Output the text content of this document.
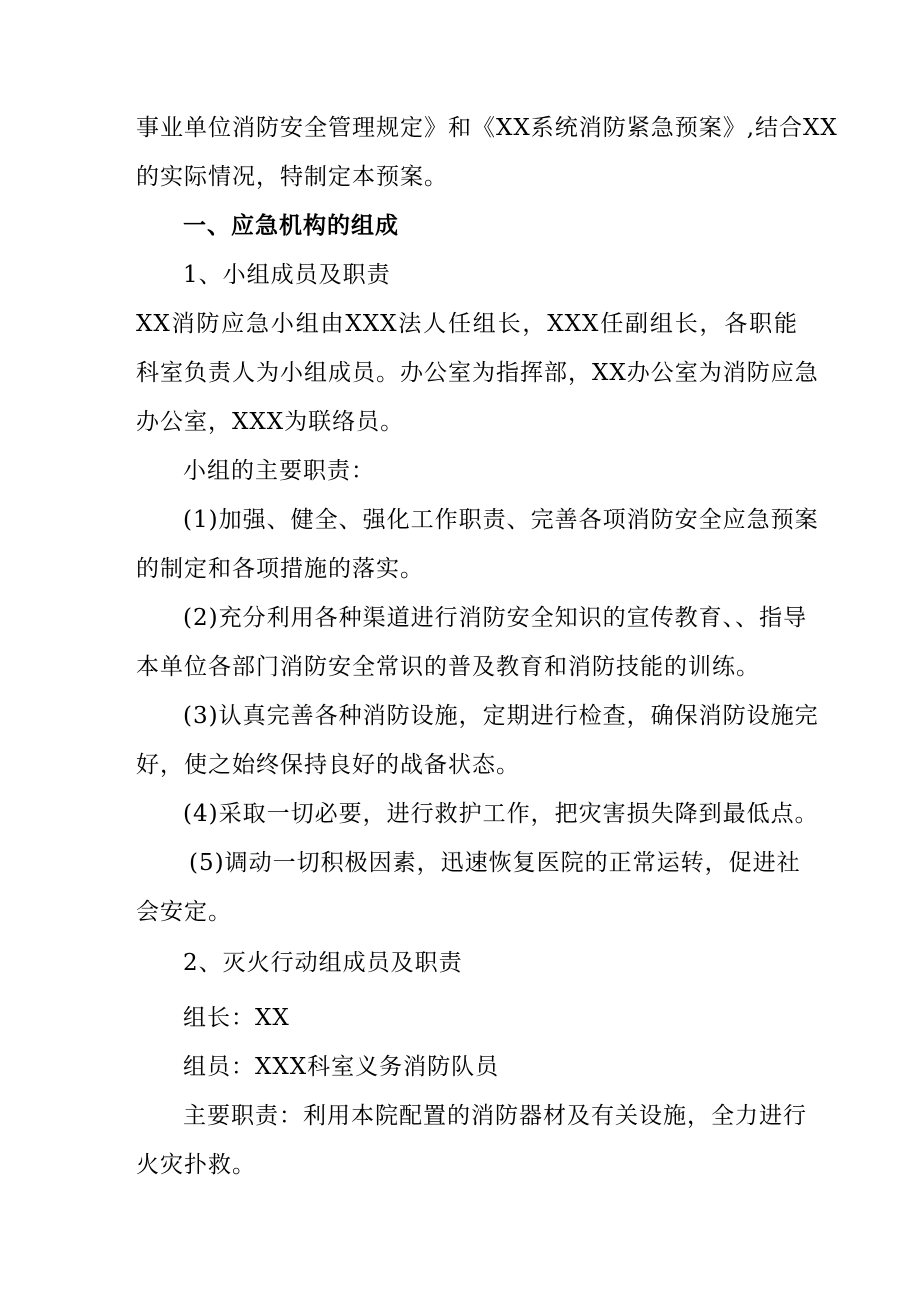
事业单位消防安全管理规定》和《XX系统消防紧急预案》,结合XX
的实际情况，特制定本预案。
一、应急机构的组成
1、小组成员及职责
XX消防应急小组由XXX法人任组长，XXX任副组长，各职能
科室负责人为小组成员。办公室为指挥部，XX办公室为消防应急
办公室，XXX为联络员。
小组的主要职责：
(1)加强、健全、强化工作职责、完善各项消防安全应急预案
的制定和各项措施的落实。
(2)充分利用各种渠道进行消防安全知识的宣传教育、、指导
本单位各部门消防安全常识的普及教育和消防技能的训练。
(3)认真完善各种消防设施，定期进行检查，确保消防设施完
好，使之始终保持良好的战备状态。
(4)采取一切必要，进行救护工作，把灾害损失降到最低点。
(5)调动一切积极因素，迅速恢复医院的正常运转，促进社
会安定。
2、灭火行动组成员及职责
组长：XX
组员：XXX科室义务消防队员
主要职责：利用本院配置的消防器材及有关设施，全力进行
火灾扑救。
